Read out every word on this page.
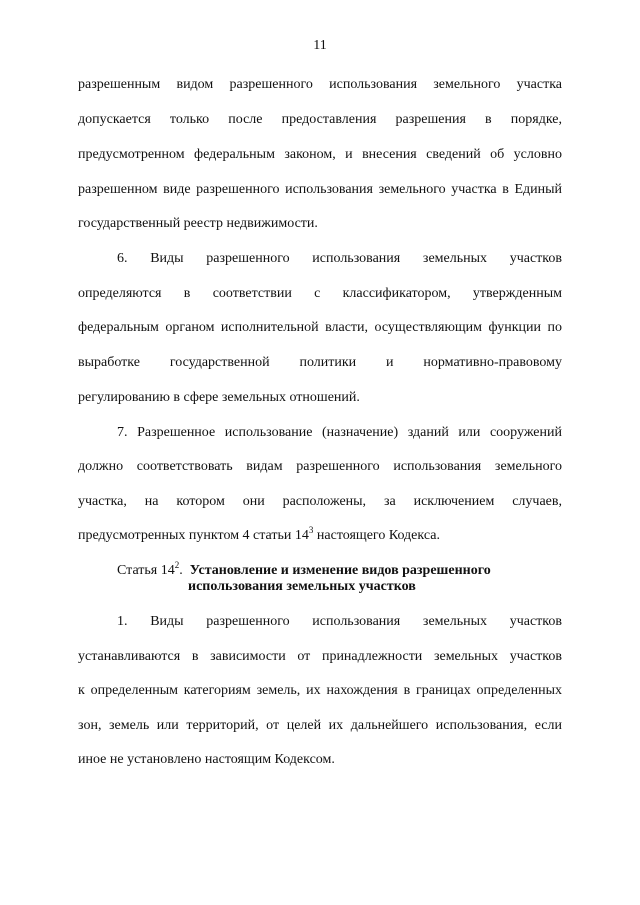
11
разрешенным видом разрешенного использования земельного участка
допускается только после предоставления разрешения в порядке,
предусмотренном федеральным законом, и внесения сведений об условно
разрешенном виде разрешенного использования земельного участка в Единый
государственный реестр недвижимости.
6. Виды разрешенного использования земельных участков
определяются в соответствии с классификатором, утвержденным
федеральным органом исполнительной власти, осуществляющим функции по
выработке государственной политики и нормативно-правовому
регулированию в сфере земельных отношений.
7. Разрешенное использование (назначение) зданий или сооружений
должно соответствовать видам разрешенного использования земельного
участка, на котором они расположены, за исключением случаев,
предусмотренных пунктом 4 статьи $14^3$ настоящего Кодекса.
Статья $14^2$. Установление и изменение видов разрешенного
использования земельных участков
1. Виды разрешенного использования земельных участков
устанавливаются в зависимости от принадлежности земельных участков
к определенным категориям земель, их нахождения в границах определенных
зон, земель или территорий, от целей их дальнейшего использования, если
иное не установлено настоящим Кодексом.
